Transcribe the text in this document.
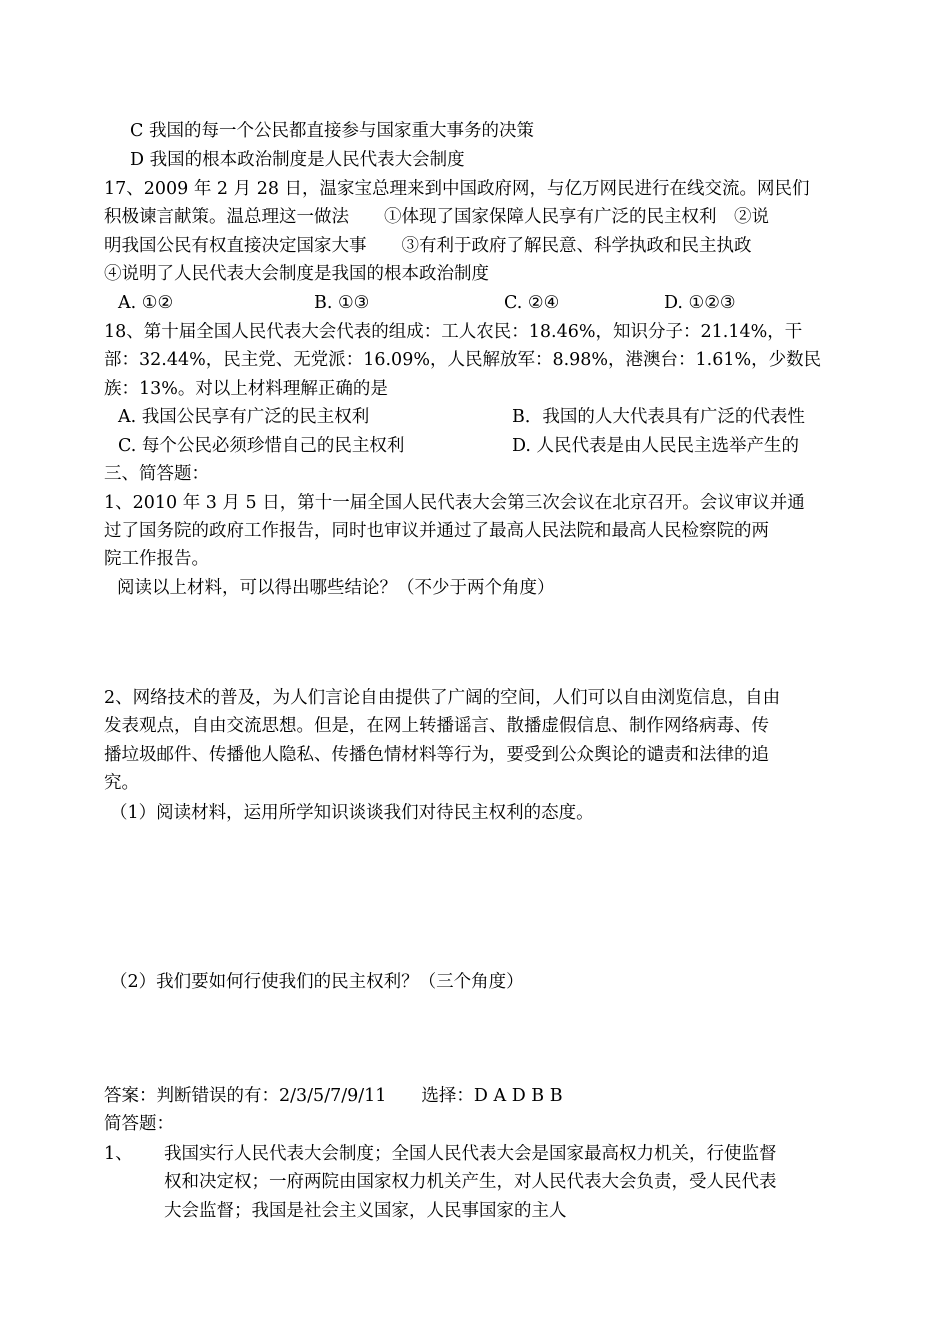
C 我国的每一个公民都直接参与国家重大事务的决策
D 我国的根本政治制度是人民代表大会制度
17、2009 年 2 月 28 日，温家宝总理来到中国政府网，与亿万网民进行在线交流。网民们
积极谏言献策。温总理这一做法　　①体现了国家保障人民享有广泛的民主权利　②说
明我国公民有权直接决定国家大事　　③有利于政府了解民意、科学执政和民主执政
④说明了人民代表大会制度是我国的根本政治制度
A. ①②	B. ①③	C. ②④	D. ①②③
18、第十届全国人民代表大会代表的组成：工人农民：18.46%，知识分子：21.14%，干
部：32.44%，民主党、无党派：16.09%，人民解放军：8.98%，港澳台：1.61%，少数民
族：13%。对以上材料理解正确的是
A. 我国公民享有广泛的民主权利	B．我国的人大代表具有广泛的代表性
C. 每个公民必须珍惜自己的民主权利	D. 人民代表是由人民民主选举产生的
三、简答题：
1、2010 年 3 月 5 日，第十一届全国人民代表大会第三次会议在北京召开。会议审议并通
过了国务院的政府工作报告，同时也审议并通过了最高人民法院和最高人民检察院的两
院工作报告。
阅读以上材料，可以得出哪些结论？（不少于两个角度）
2、网络技术的普及，为人们言论自由提供了广阔的空间，人们可以自由浏览信息，自由
发表观点，自由交流思想。但是，在网上转播谣言、散播虚假信息、制作网络病毒、传
播垃圾邮件、传播他人隐私、传播色情材料等行为，要受到公众舆论的谴责和法律的追
究。
（1）阅读材料，运用所学知识谈谈我们对待民主权利的态度。
（2）我们要如何行使我们的民主权利？（三个角度）
答案：判断错误的有：2/3/5/7/9/11　　选择：D A D B B
简答题：
1、 我国实行人民代表大会制度；全国人民代表大会是国家最高权力机关，行使监督
权和决定权；一府两院由国家权力机关产生，对人民代表大会负责，受人民代表
大会监督；我国是社会主义国家，人民事国家的主人
